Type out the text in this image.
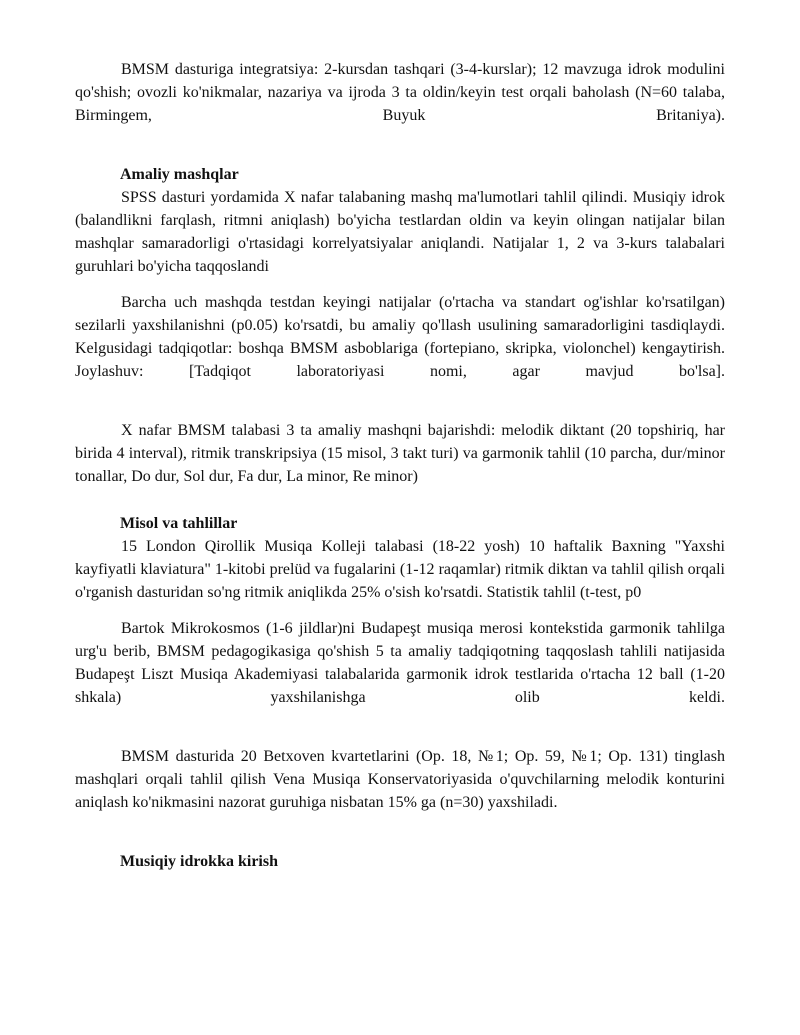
BMSM dasturiga integratsiya: 2-kursdan tashqari (3-4-kurslar); 12 mavzuga idrok modulini qo'shish; ovozli ko'nikmalar, nazariya va ijroda 3 ta oldin/keyin test orqali baholash (N=60 talaba, Birmingem, Buyuk Britaniya).

Amaliy mashqlar

SPSS dasturi yordamida X nafar talabaning mashq ma'lumotlari tahlil qilindi. Musiqiy idrok (balandlikni farqlash, ritmni aniqlash) bo'yicha testlardan oldin va keyin olingan natijalar bilan mashqlar samaradorligi o'rtasidagi korrelyatsiyalar aniqlandi. Natijalar 1, 2 va 3-kurs talabalari guruhlari bo'yicha taqqoslandi

Barcha uch mashqda testdan keyingi natijalar (o'rtacha va standart og'ishlar ko'rsatilgan) sezilarli yaxshilanishni (p0.05) ko'rsatdi, bu amaliy qo'llash usulining samaradorligini tasdiqlaydi. Kelgusidagi tadqiqotlar: boshqa BMSM asboblariga (fortepiano, skripka, violonchel) kengaytirish. Joylashuv: [Tadqiqot laboratoriyasi nomi, agar mavjud bo'lsa].

X nafar BMSM talabasi 3 ta amaliy mashqni bajarishdi: melodik diktant (20 topshiriq, har birida 4 interval), ritmik transkripsiya (15 misol, 3 takt turi) va garmonik tahlil (10 parcha, dur/minor tonallar, Do dur, Sol dur, Fa dur, La minor, Re minor)

Misol va tahlillar

15 London Qirollik Musiqa Kolleji talabasi (18-22 yosh) 10 haftalik Baxning "Yaxshi kayfiyatli klaviatura" 1-kitobi prelüd va fugalarini (1-12 raqamlar) ritmik diktan va tahlil qilish orqali o'rganish dasturidan so'ng ritmik aniqlikda 25% o'sish ko'rsatdi. Statistik tahlil (t-test, p0

Bartok Mikrokosmos (1-6 jildlar)ni Budapeşt musiqa merosi kontekstida garmonik tahlilga urg'u berib, BMSM pedagogikasiga qo'shish 5 ta amaliy tadqiqotning taqqoslash tahlili natijasida Budapeşt Liszt Musiqa Akademiyasi talabalarida garmonik idrok testlarida o'rtacha 12 ball (1-20 shkala) yaxshilanishga olib keldi.

BMSM dasturida 20 Betxoven kvartetlarini (Op. 18, №1; Op. 59, №1; Op. 131) tinglash mashqlari orqali tahlil qilish Vena Musiqa Konservatoriyasida o'quvchilarning melodik konturini aniqlash ko'nikmasini nazorat guruhiga nisbatan 15% ga (n=30) yaxshiladi.

Musiqiy idrokka kirish
